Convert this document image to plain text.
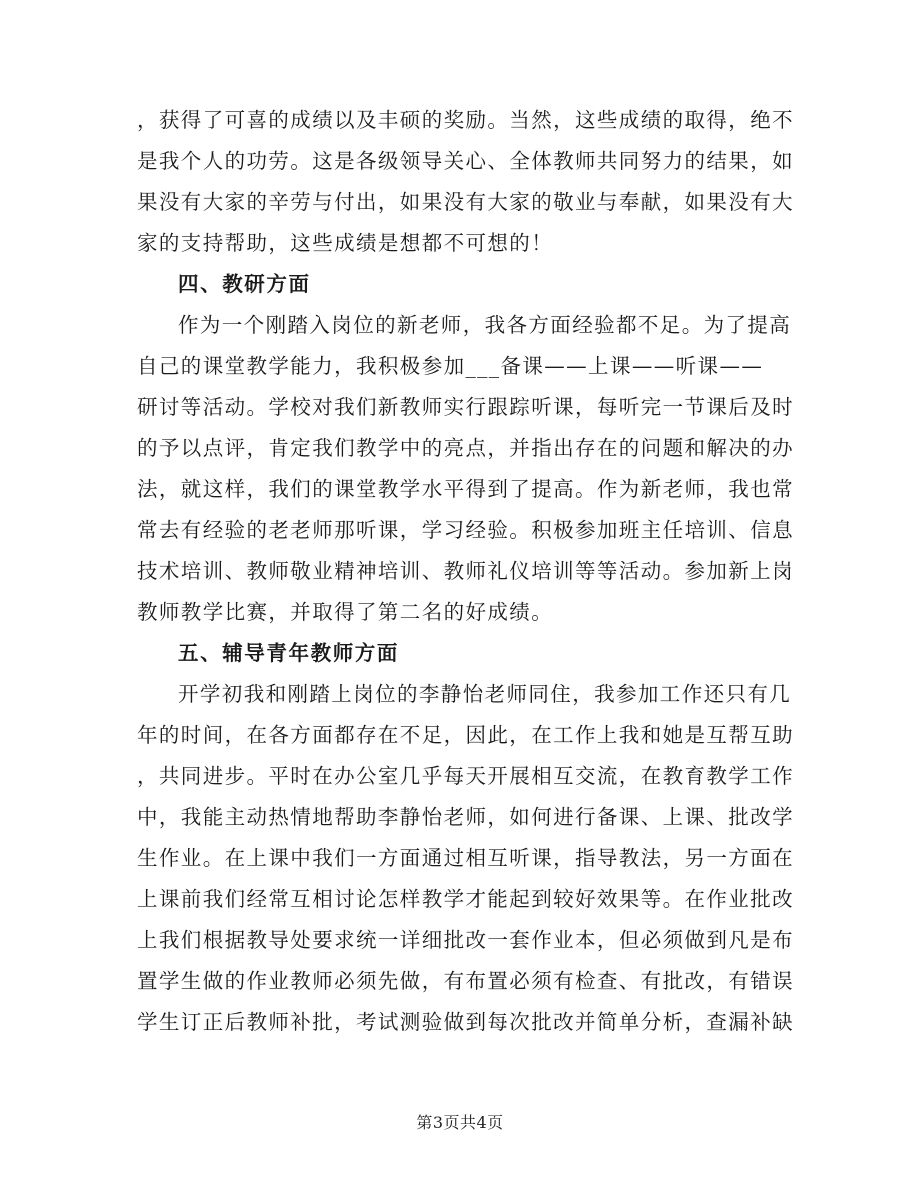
，获得了可喜的成绩以及丰硕的奖励。当然，这些成绩的取得，绝不
是我个人的功劳。这是各级领导关心、全体教师共同努力的结果，如
果没有大家的辛劳与付出，如果没有大家的敬业与奉献，如果没有大
家的支持帮助，这些成绩是想都不可想的！
四、教研方面
作为一个刚踏入岗位的新老师，我各方面经验都不足。为了提高
自己的课堂教学能力，我积极参加___备课——上课——听课——
研讨等活动。学校对我们新教师实行跟踪听课，每听完一节课后及时
的予以点评，肯定我们教学中的亮点，并指出存在的问题和解决的办
法，就这样，我们的课堂教学水平得到了提高。作为新老师，我也常
常去有经验的老老师那听课，学习经验。积极参加班主任培训、信息
技术培训、教师敬业精神培训、教师礼仪培训等等活动。参加新上岗
教师教学比赛，并取得了第二名的好成绩。
五、辅导青年教师方面
开学初我和刚踏上岗位的李静怡老师同住，我参加工作还只有几
年的时间，在各方面都存在不足，因此，在工作上我和她是互帮互助
，共同进步。平时在办公室几乎每天开展相互交流，在教育教学工作
中，我能主动热情地帮助李静怡老师，如何进行备课、上课、批改学
生作业。在上课中我们一方面通过相互听课，指导教法，另一方面在
上课前我们经常互相讨论怎样教学才能起到较好效果等。在作业批改
上我们根据教导处要求统一详细批改一套作业本，但必须做到凡是布
置学生做的作业教师必须先做，有布置必须有检查、有批改，有错误
学生订正后教师补批，考试测验做到每次批改并简单分析，查漏补缺
第3页共4页
